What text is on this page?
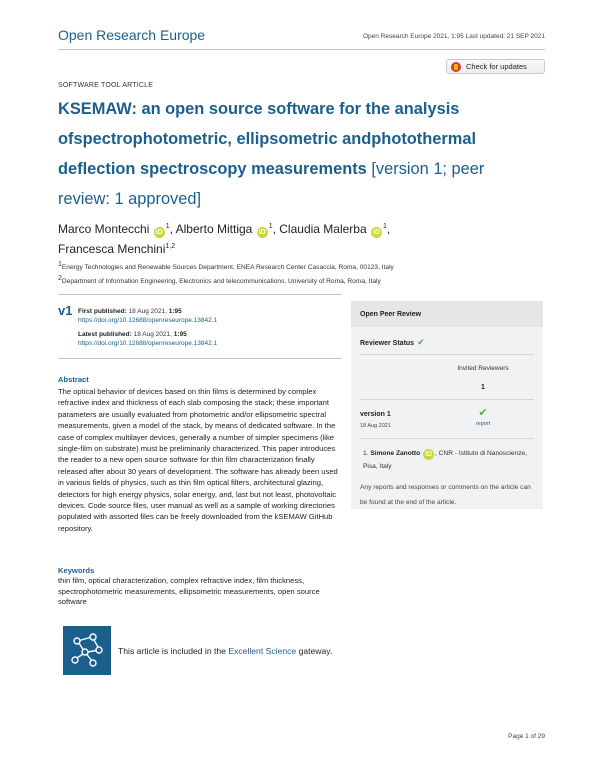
Open Research Europe	Open Research Europe 2021, 1:95 Last updated: 21 SEP 2021
SOFTWARE TOOL ARTICLE
Check for updates
KSEMAW: an open source software for the analysis ofspectrophotometric, ellipsometric andphotothermal deflection spectroscopy measurements [version 1; peer review: 1 approved]
Marco Montecchi $iD^1$, Alberto Mittiga $iD^1$, Claudia Malerba $iD^1$,
Francesca Menchini$^{1,2}$
$^1$Energy Technologies and Renewable Sources Department, ENEA Research Center Casaccia, Roma, 00123, Italy
$^2$Department of Information Engineering, Electronics and telecommunications, University of Roma, Roma, Italy
v1 First published: 18 Aug 2021, 1:95
https://doi.org/10.12688/openreseurope.13842.1
Latest published: 18 Aug 2021, 1:95
https://doi.org/10.12688/openreseurope.13842.1
Abstract
The optical behavior of devices based on thin films is determined by complex refractive index and thickness of each slab composing the stack; these important parameters are usually evaluated from photometric and/or ellipsometric spectral measurements, given a model of the stack, by means of dedicated software. In the case of complex multilayer devices, generally a number of simpler specimens (like single-film on substrate) must be preliminarily characterized. This paper introduces the reader to a new open source software for thin film characterization finally released after about 30 years of development. The software has already been used in various fields of physics, such as thin film optical filters, architectural glazing, detectors for high energy physics, solar energy, and, last but not least, photovoltaic devices. Code source files, user manual as well as a sample of working directories populated with assorted files can be freely downloaded from the kSEMAW GitHub repository.
Keywords
thin film, optical characterization, complex refractive index, film thickness, spectrophotometric measurements, ellipsometric measurements, open source software
This article is included in the Excellent Science gateway.
Open Peer Review
Reviewer Status ✔
Invited Reviewers
1
version 1
18 Aug 2021
✔
report
1. Simone Zanotto iD , CNR - Istituto di Nanoscienze, Pisa, Italy
Any reports and responses or comments on the article can be found at the end of the article.
Page 1 of 29
